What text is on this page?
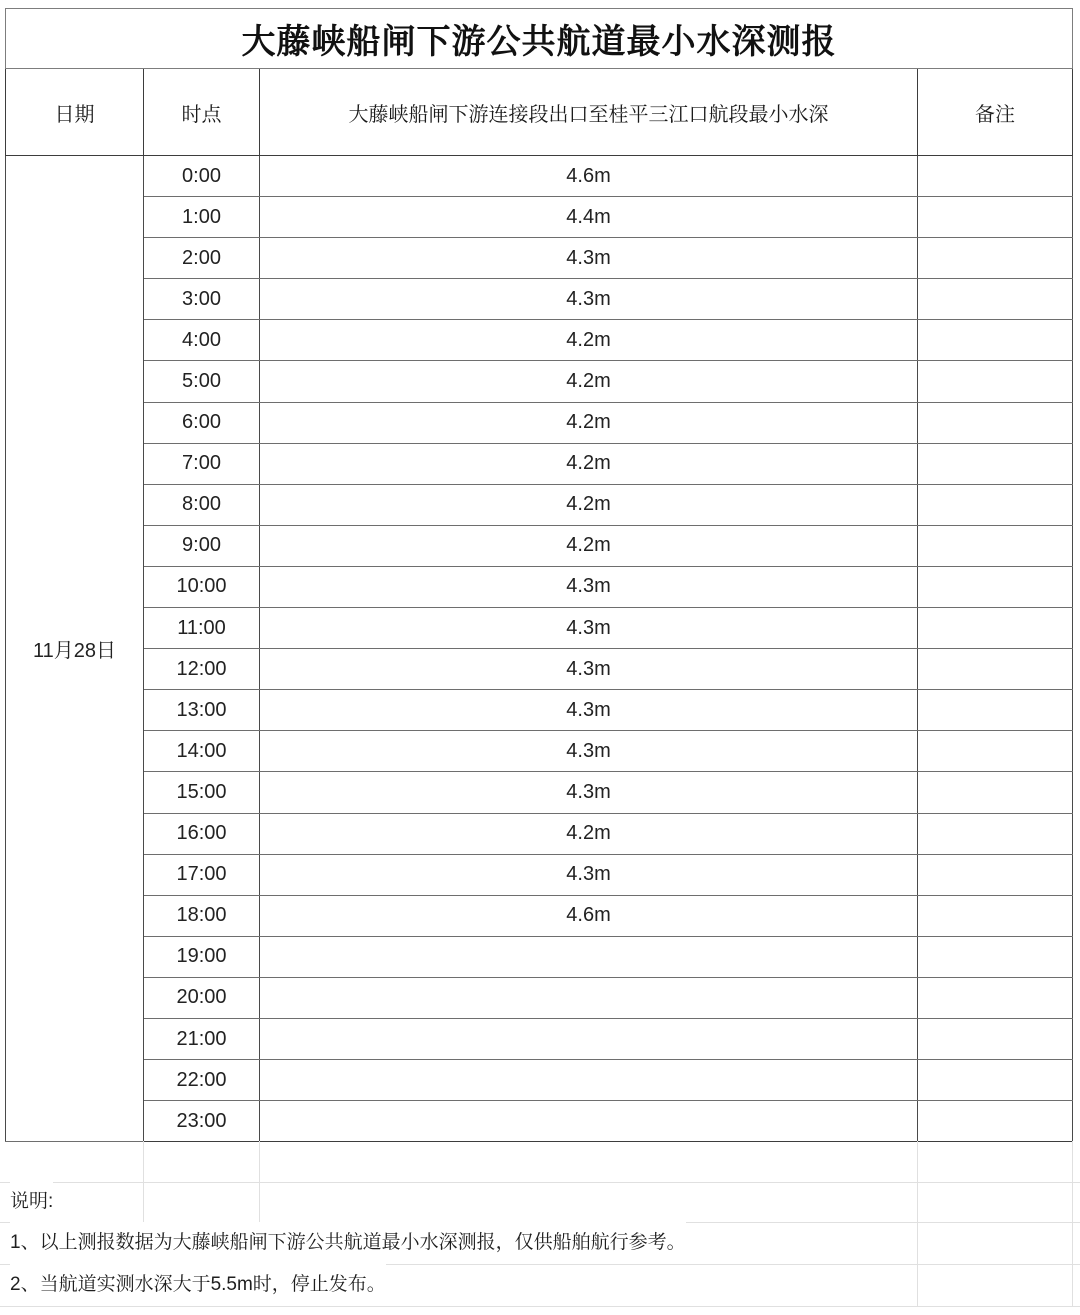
大藤峡船闸下游公共航道最小水深测报			
日期	时点	大藤峡船闸下游连接段出口至桂平三江口航段最小水深	备注
11月28日	0:00	4.6m	
	1:00	4.4m	
	2:00	4.3m	
	3:00	4.3m	
	4:00	4.2m	
	5:00	4.2m	
	6:00	4.2m	
	7:00	4.2m	
	8:00	4.2m	
	9:00	4.2m	
	10:00	4.3m	
	11:00	4.3m	
	12:00	4.3m	
	13:00	4.3m	
	14:00	4.3m	
	15:00	4.3m	
	16:00	4.2m	
	17:00	4.3m	
	18:00	4.6m	
	19:00		
	20:00		
	21:00		
	22:00		
	23:00		
说明:
1、以上测报数据为大藤峡船闸下游公共航道最小水深测报，仅供船舶航行参考。
2、当航道实测水深大于5.5m时，停止发布。
